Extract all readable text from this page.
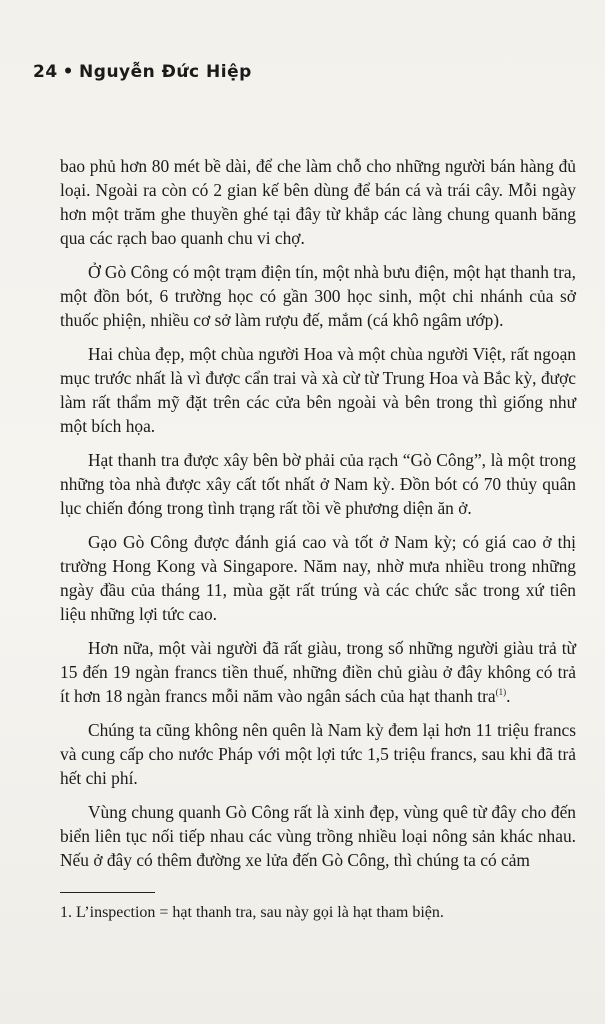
24 • Nguyễn Đức Hiệp

bao phủ hơn 80 mét bề dài, để che làm chỗ cho những người bán hàng đủ loại. Ngoài ra còn có 2 gian kế bên dùng để bán cá và trái cây. Mỗi ngày hơn một trăm ghe thuyền ghé tại đây từ khắp các làng chung quanh băng qua các rạch bao quanh chu vi chợ.

Ở Gò Công có một trạm điện tín, một nhà bưu điện, một hạt thanh tra, một đồn bót, 6 trường học có gần 300 học sinh, một chi nhánh của sở thuốc phiện, nhiều cơ sở làm rượu đế, mắm (cá khô ngâm ướp).

Hai chùa đẹp, một chùa người Hoa và một chùa người Việt, rất ngoạn mục trước nhất là vì được cẩn trai và xà cừ từ Trung Hoa và Bắc kỳ, được làm rất thẩm mỹ đặt trên các cửa bên ngoài và bên trong thì giống như một bích họa.

Hạt thanh tra được xây bên bờ phải của rạch “Gò Công”, là một trong những tòa nhà được xây cất tốt nhất ở Nam kỳ. Đồn bót có 70 thủy quân lục chiến đóng trong tình trạng rất tồi về phương diện ăn ở.

Gạo Gò Công được đánh giá cao và tốt ở Nam kỳ; có giá cao ở thị trường Hong Kong và Singapore. Năm nay, nhờ mưa nhiều trong những ngày đầu của tháng 11, mùa gặt rất trúng và các chức sắc trong xứ tiên liệu những lợi tức cao.

Hơn nữa, một vài người đã rất giàu, trong số những người giàu trả từ 15 đến 19 ngàn francs tiền thuế, những điền chủ giàu ở đây không có trả ít hơn 18 ngàn francs mỗi năm vào ngân sách của hạt thanh tra$^{(1)}$.

Chúng ta cũng không nên quên là Nam kỳ đem lại hơn 11 triệu francs và cung cấp cho nước Pháp với một lợi tức 1,5 triệu francs, sau khi đã trả hết chi phí.

Vùng chung quanh Gò Công rất là xinh đẹp, vùng quê từ đây cho đến biển liên tục nối tiếp nhau các vùng trồng nhiều loại nông sản khác nhau. Nếu ở đây có thêm đường xe lửa đến Gò Công, thì chúng ta có cảm

1. L’inspection = hạt thanh tra, sau này gọi là hạt tham biện.
